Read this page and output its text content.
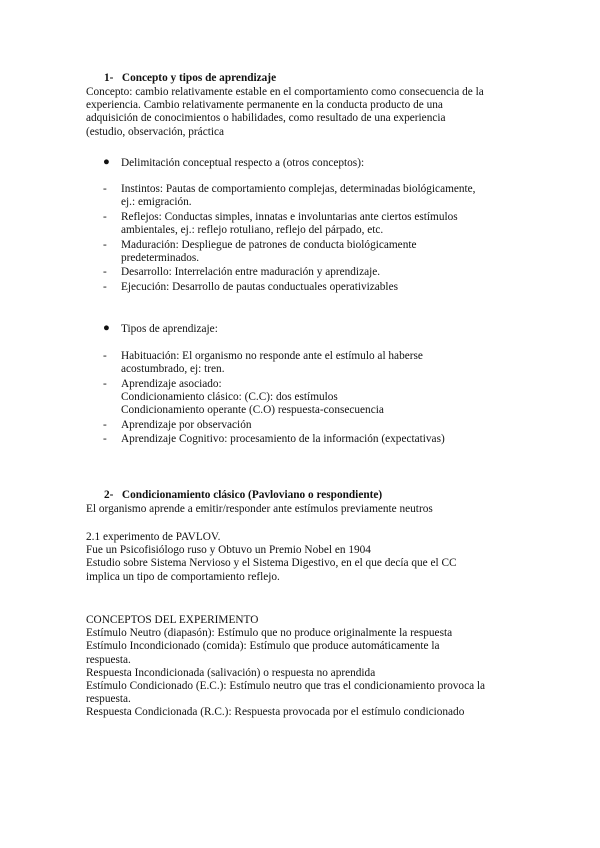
1- Concepto y tipos de aprendizaje
Concepto: cambio relativamente estable en el comportamiento como consecuencia de la
experiencia. Cambio relativamente permanente en la conducta producto de una
adquisición de conocimientos o habilidades, como resultado de una experiencia
(estudio, observación, práctica
● Delimitación conceptual respecto a (otros conceptos):
- Instintos: Pautas de comportamiento complejas, determinadas biológicamente,
ej.: emigración.
- Reflejos: Conductas simples, innatas e involuntarias ante ciertos estímulos
ambientales, ej.: reflejo rotuliano, reflejo del párpado, etc.
- Maduración: Despliegue de patrones de conducta biológicamente
predeterminados.
- Desarrollo: Interrelación entre maduración y aprendizaje.
- Ejecución: Desarrollo de pautas conductuales operativizables
● Tipos de aprendizaje:
- Habituación: El organismo no responde ante el estímulo al haberse
acostumbrado, ej: tren.
- Aprendizaje asociado:
Condicionamiento clásico: (C.C): dos estímulos
Condicionamiento operante (C.O) respuesta-consecuencia
- Aprendizaje por observación
- Aprendizaje Cognitivo: procesamiento de la información (expectativas)
2- Condicionamiento clásico (Pavloviano o respondiente)
El organismo aprende a emitir/responder ante estímulos previamente neutros
2.1 experimento de PAVLOV.
Fue un Psicofisiólogo ruso y Obtuvo un Premio Nobel en 1904
Estudio sobre Sistema Nervioso y el Sistema Digestivo, en el que decía que el CC
implica un tipo de comportamiento reflejo.
CONCEPTOS DEL EXPERIMENTO
Estímulo Neutro (diapasón): Estímulo que no produce originalmente la respuesta
Estímulo Incondicionado (comida): Estímulo que produce automáticamente la
respuesta.
Respuesta Incondicionada (salivación) o respuesta no aprendida
Estímulo Condicionado (E.C.): Estímulo neutro que tras el condicionamiento provoca la
respuesta.
Respuesta Condicionada (R.C.): Respuesta provocada por el estímulo condicionado
